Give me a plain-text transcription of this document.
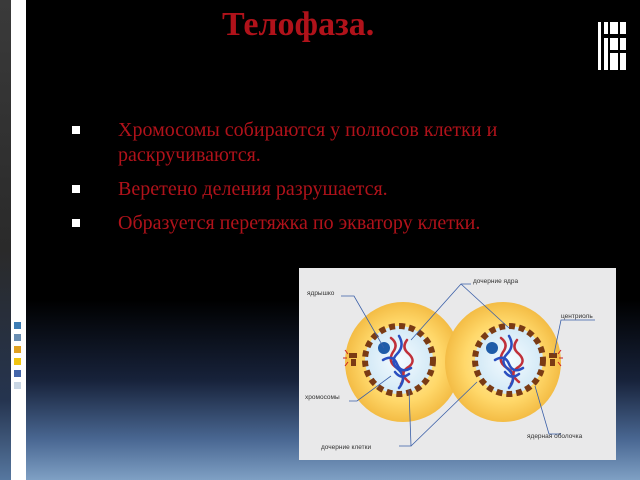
Телофаза.
Хромосомы собираются у полюсов клетки и раскручиваются.
Веретено деления разрушается.
Образуется перетяжка по экватору клетки.
ядрышко
дочерние ядра
центриоль
хромосомы
дочерние клетки
ядерная оболочка
